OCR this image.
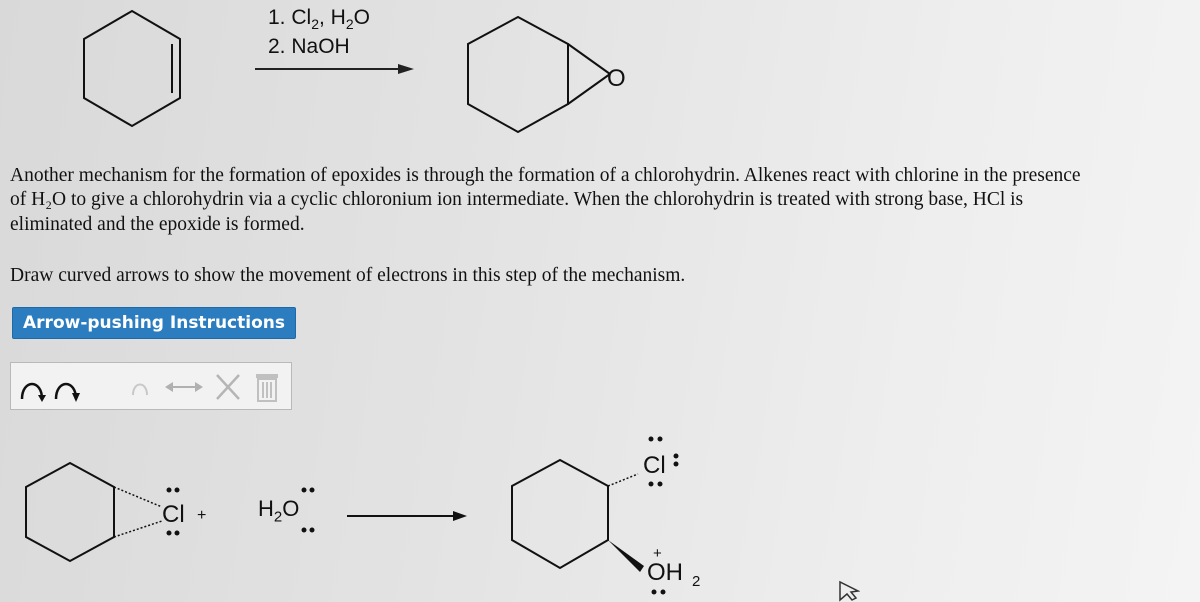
1. $Cl_2$, $H_2O$
2. NaOH
O
Another mechanism for the formation of epoxides is through the formation of a chlorohydrin. Alkenes react with chlorine in the presence
of H₂O to give a chlorohydrin via a cyclic chloronium ion intermediate. When the chlorohydrin is treated with strong base, HCl is
eliminated and the epoxide is formed.
Draw curved arrows to show the movement of electrons in this step of the mechanism.
Arrow-pushing Instructions
$Cl + H_2O$
Cl
OH 2
+
